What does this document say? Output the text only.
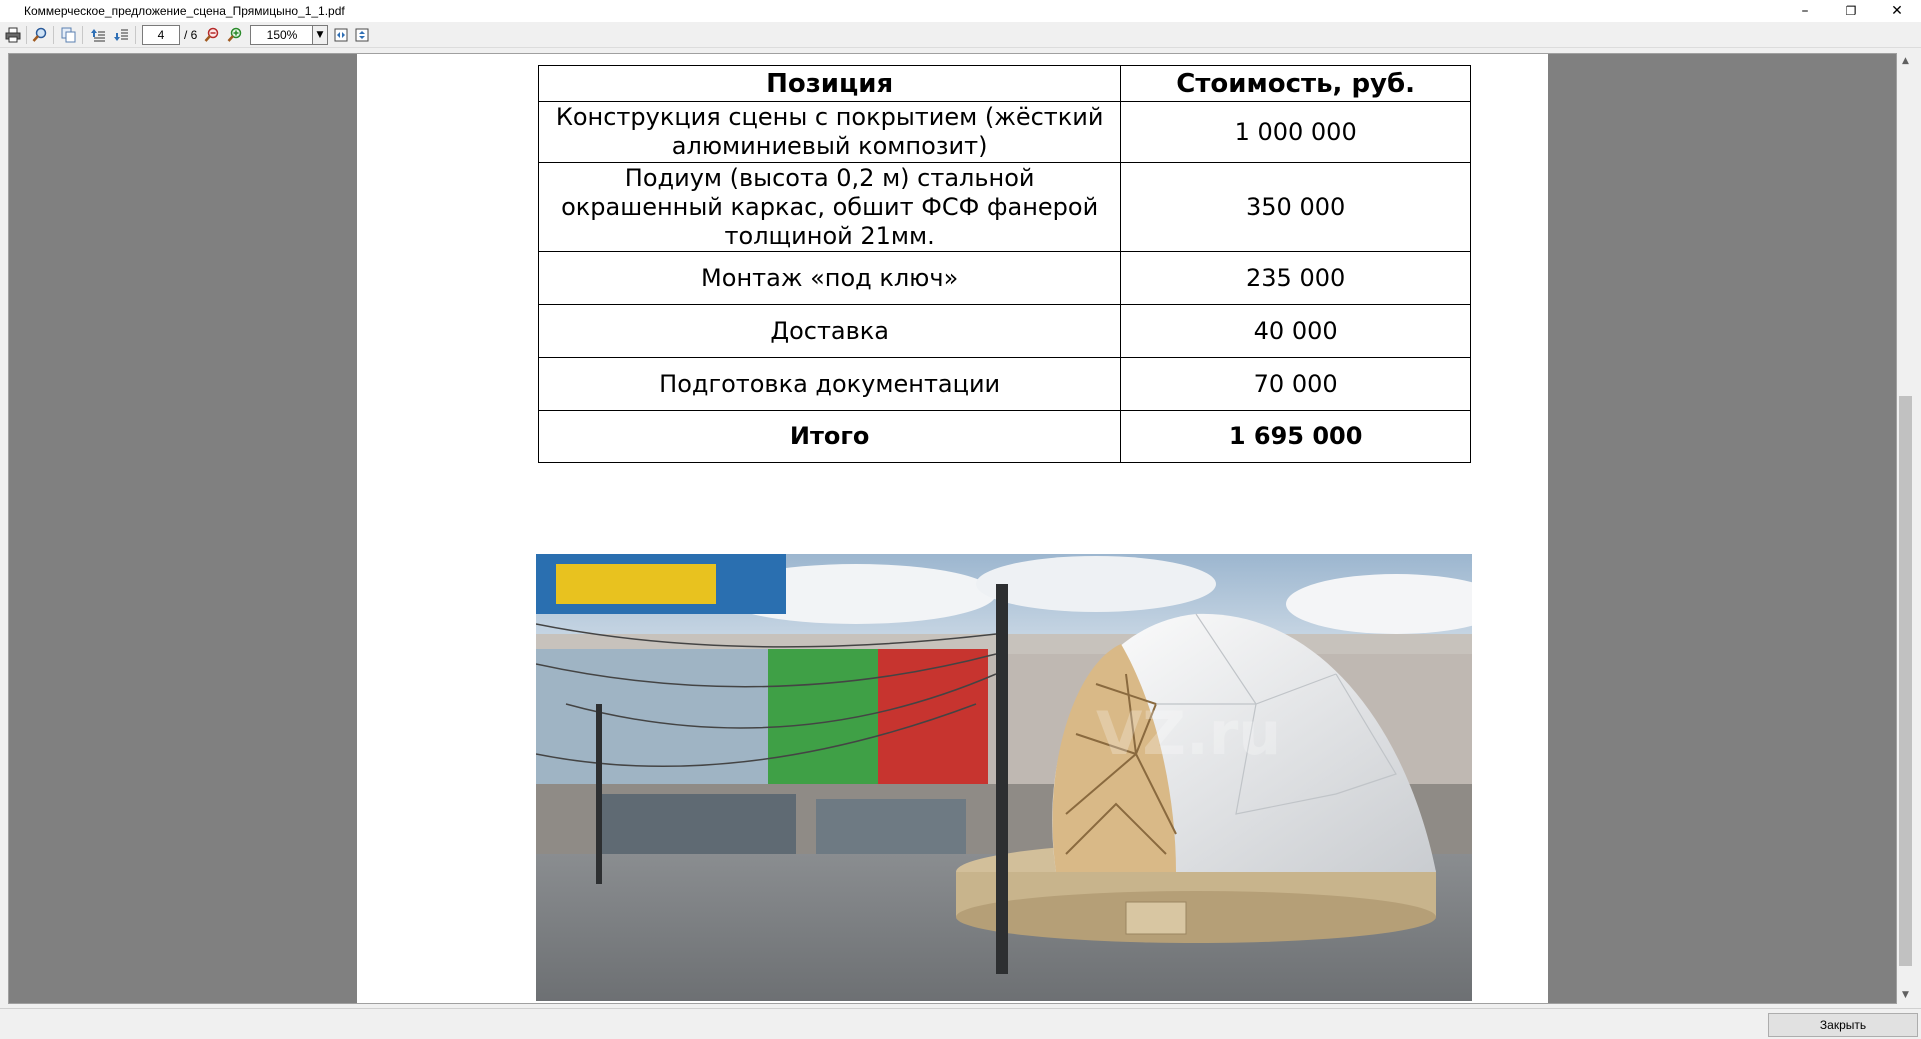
Коммерческое_предложение_сцена_Прямицыно_1_1.pdf	–	❐	✕
4	/ 6	150%	▼
Позиция	Стоимость, руб.
Конструкция сцены с покрытием (жёсткий алюминиевый композит)	1 000 000
Подиум (высота 0,2 м) стальной окрашенный каркас, обшит ФСФ фанерой толщиной 21мм.	350 000
Монтаж «под ключ»	235 000
Доставка	40 000
Подготовка документации	70 000
Итого	1 695 000
VZ.ru
▲
▼
Закрыть
